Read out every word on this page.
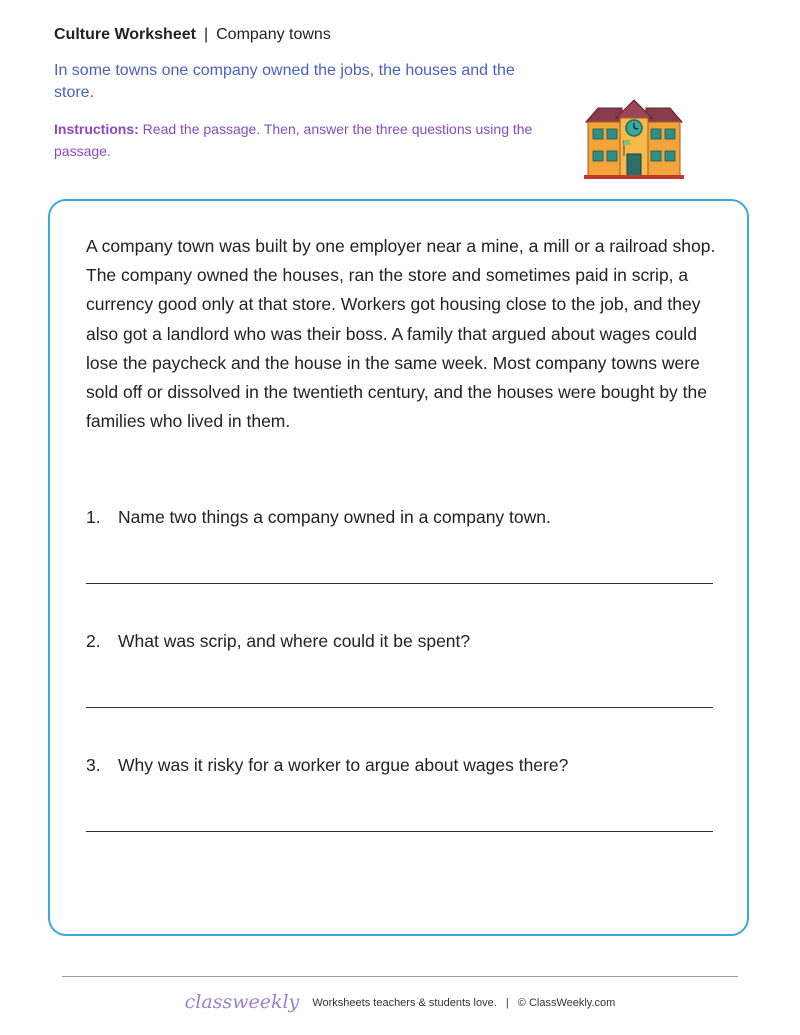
Culture Worksheet | Company towns
In some towns one company owned the jobs, the houses and the store.
Instructions: Read the passage. Then, answer the three questions using the passage.
A company town was built by one employer near a mine, a mill or a railroad shop. The company owned the houses, ran the store and sometimes paid in scrip, a currency good only at that store. Workers got housing close to the job, and they also got a landlord who was their boss. A family that argued about wages could lose the paycheck and the house in the same week. Most company towns were sold off or dissolved in the twentieth century, and the houses were bought by the families who lived in them.
1. Name two things a company owned in a company town.
2. What was scrip, and where could it be spent?
3. Why was it risky for a worker to argue about wages there?
classweekly Worksheets teachers & students love. | © ClassWeekly.com
